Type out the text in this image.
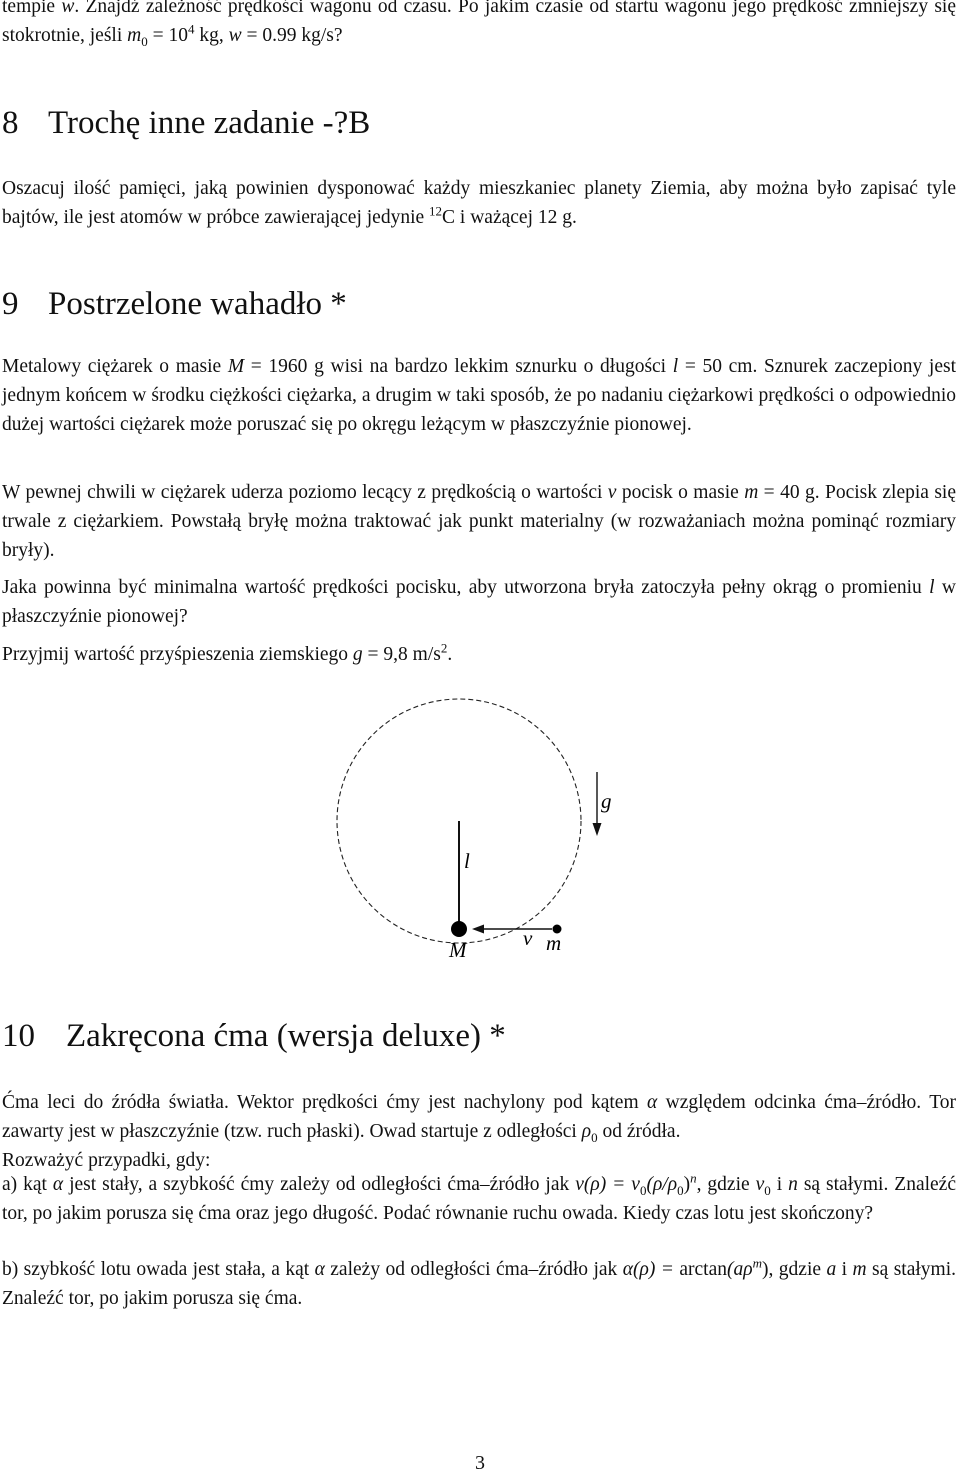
tempie w. Znajdź zależność prędkości wagonu od czasu. Po jakim czasie od startu wagonu jego prędkość zmniejszy się stokrotnie, jeśli $m_0 = 10^4$ kg, w = 0.99 kg/s?

8 Trochę inne zadanie -?B

Oszacuj ilość pamięci, jaką powinien dysponować każdy mieszkaniec planety Ziemia, aby można było zapisać tyle bajtów, ile jest atomów w próbce zawierającej jedynie $^{12}$C i ważącej 12 g.

9 Postrzelone wahadło *

Metalowy ciężarek o masie M = 1960 g wisi na bardzo lekkim sznurku o długości l = 50 cm. Sznurek zaczepiony jest jednym końcem w środku ciężkości ciężarka, a drugim w taki sposób, że po nadaniu ciężarkowi prędkości o odpowiednio dużej wartości ciężarek może poruszać się po okręgu leżącym w płaszczyźnie pionowej.

W pewnej chwili w ciężarek uderza poziomo lecący z prędkością o wartości v pocisk o masie m = 40 g. Pocisk zlepia się trwale z ciężarkiem. Powstałą bryłę można traktować jak punkt materialny (w rozważaniach można pominąć rozmiary bryły).

Jaka powinna być minimalna wartość prędkości pocisku, aby utworzona bryła zatoczyła pełny okrąg o promieniu l w płaszczyźnie pionowej?

Przyjmij wartość przyśpieszenia ziemskiego g = 9,8 $m/s^2$.

g
l
M	v m
10 Zakręcona ćma (wersja deluxe) *

Ćma leci do źródła światła. Wektor prędkości ćmy jest nachylony pod kątem α względem odcinka ćma–źródło. Tor zawarty jest w płaszczyźnie (tzw. ruch płaski). Owad startuje z odległości $\rho_0$ od źródła.

Rozważyć przypadki, gdy:

a) kąt α jest stały, a szybkość ćmy zależy od odległości ćma–źródło jak $v(\rho) = v_0(\rho/\rho_0)^n$, gdzie $v_0$ i n są stałymi. Znaleźć tor, po jakim porusza się ćma oraz jego długość. Podać równanie ruchu owada. Kiedy czas lotu jest skończony?

b) szybkość lotu owada jest stała, a kąt α zależy od odległości ćma–źródło jak $\alpha(\rho) = \arctan(a\rho^m)$, gdzie a i m są stałymi. Znaleźć tor, po jakim porusza się ćma.

3
